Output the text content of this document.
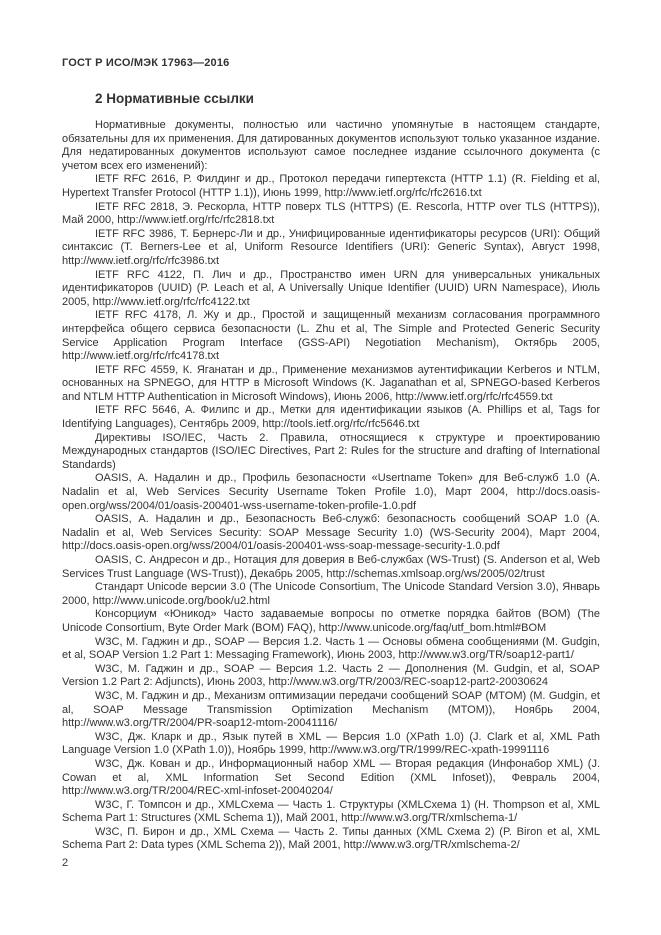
ГОСТ Р ИСО/МЭК 17963—2016
2 Нормативные ссылки

Нормативные документы, полностью или частично упомянутые в настоящем стандарте, обязательны для их применения. Для датированных документов используют только указанное издание. Для недатированных документов используют самое последнее издание ссылочного документа (с учетом всех его изменений):

IETF RFC 2616, Р. Филдинг и др., Протокол передачи гипертекста (HTTP 1.1) (R. Fielding et al, Hypertext Transfer Protocol (HTTP 1.1)), Июнь 1999, http://www.ietf.org/rfc/rfc2616.txt

IETF RFC 2818, Э. Рескорла, HTTP поверх TLS (HTTPS) (E. Rescorla, HTTP over TLS (HTTPS)), Май 2000, http://www.ietf.org/rfc/rfc2818.txt

IETF RFC 3986, Т. Бернерс-Ли и др., Унифицированные идентификаторы ресурсов (URI): Общий синтаксис (T. Berners-Lee et al, Uniform Resource Identifiers (URI): Generic Syntax), Август 1998, http://www.ietf.org/rfc/rfc3986.txt

IETF RFC 4122, П. Лич и др., Пространство имен URN для универсальных уникальных идентификаторов (UUID) (P. Leach et al, A Universally Unique Identifier (UUID) URN Namespace), Июль 2005, http://www.ietf.org/rfc/rfc4122.txt

IETF RFC 4178, Л. Жу и др., Простой и защищенный механизм согласования программного интерфейса общего сервиса безопасности (L. Zhu et al, The Simple and Protected Generic Security Service Application Program Interface (GSS-API) Negotiation Mechanism), Октябрь 2005, http://www.ietf.org/rfc/rfc4178.txt

IETF RFC 4559, К. Яганатан и др., Применение механизмов аутентификации Kerberos и NTLM, основанных на SPNEGO, для HTTP в Microsoft Windows (K. Jaganathan et al, SPNEGO-based Kerberos and NTLM HTTP Authentication in Microsoft Windows), Июнь 2006, http://www.ietf.org/rfc/rfc4559.txt

IETF RFC 5646, А. Филипс и др., Метки для идентификации языков (A. Phillips et al, Tags for Identifying Languages), Сентябрь 2009, http://tools.ietf.org/rfc/rfc5646.txt

Директивы ISO/IEC, Часть 2. Правила, относящиеся к структуре и проектированию Международных стандартов (ISO/IEC Directives, Part 2: Rules for the structure and drafting of International Standards)

OASIS, А. Надалин и др., Профиль безопасности «Usertname Token» для Веб-служб 1.0 (A. Nadalin et al, Web Services Security Username Token Profile 1.0), Март 2004, http://docs.oasis-open.org/wss/2004/01/oasis-200401-wss-username-token-profile-1.0.pdf

OASIS, А. Надалин и др., Безопасность Веб-служб: безопасность сообщений SOAP 1.0 (A. Nadalin et al, Web Services Security: SOAP Message Security 1.0) (WS-Security 2004), Март 2004, http://docs.oasis-open.org/wss/2004/01/oasis-200401-wss-soap-message-security-1.0.pdf

OASIS, С. Андресон и др., Нотация для доверия в Веб-службах (WS-Trust) (S. Anderson et al, Web Services Trust Language (WS-Trust)), Декабрь 2005, http://schemas.xmlsoap.org/ws/2005/02/trust

Стандарт Unicode версии 3.0 (The Unicode Consortium, The Unicode Standard Version 3.0), Январь 2000, http://www.unicode.org/book/u2.html

Консорциум «Юникод» Часто задаваемые вопросы по отметке порядка байтов (BOM) (The Unicode Consortium, Byte Order Mark (BOM) FAQ), http://www.unicode.org/faq/utf_bom.html#BOM

W3C, М. Гаджин и др., SOAP — Версия 1.2. Часть 1 — Основы обмена сообщениями (M. Gudgin, et al, SOAP Version 1.2 Part 1: Messaging Framework), Июнь 2003, http://www.w3.org/TR/soap12-part1/

W3C, М. Гаджин и др., SOAP — Версия 1.2. Часть 2 — Дополнения (M. Gudgin, et al, SOAP Version 1.2 Part 2: Adjuncts), Июнь 2003, http://www.w3.org/TR/2003/REC-soap12-part2-20030624

W3C, М. Гаджин и др., Механизм оптимизации передачи сообщений SOAP (MTOM) (M. Gudgin, et al, SOAP Message Transmission Optimization Mechanism (MTOM)), Ноябрь 2004, http://www.w3.org/TR/2004/PR-soap12-mtom-20041116/

W3C, Дж. Кларк и др., Язык путей в XML — Версия 1.0 (XPath 1.0) (J. Clark et al, XML Path Language Version 1.0 (XPath 1.0)), Ноябрь 1999, http://www.w3.org/TR/1999/REC-xpath-19991116

W3C, Дж. Кован и др., Информационный набор XML — Вторая редакция (Инфонабор XML) (J. Cowan et al, XML Information Set Second Edition (XML Infoset)), Февраль 2004, http://www.w3.org/TR/2004/REC-xml-infoset-20040204/

W3C, Г. Томпсон и др., XMLСхема — Часть 1. Структуры (XMLСхема 1) (H. Thompson et al, XML Schema Part 1: Structures (XML Schema 1)), Май 2001, http://www.w3.org/TR/xmlschema-1/

W3C, П. Бирон и др., XML Схема — Часть 2. Типы данных (XML Схема 2) (P. Biron et al, XML Schema Part 2: Data types (XML Schema 2)), Май 2001, http://www.w3.org/TR/xmlschema-2/

2
